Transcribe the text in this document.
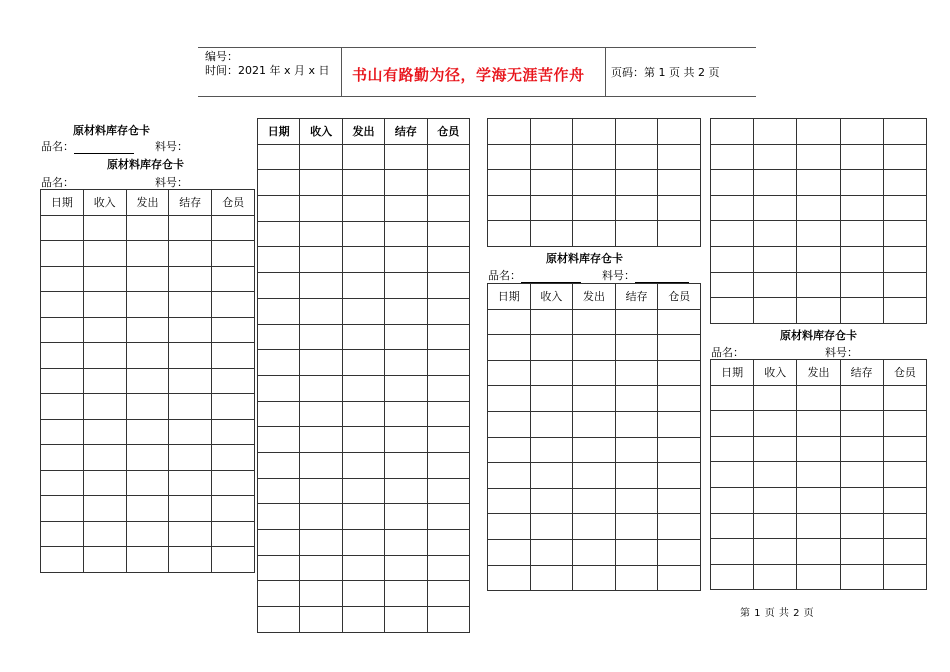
编号：
时间：2021 年 x 月 x 日 书山有路勤为径，学海无涯苦作舟 页码：第 1 页 共 2 页
原材料库存仓卡
品名：	料号：
原材料库存仓卡
品名：	料号：
日期	收入	发出	结存	仓员

日期	收入	发出	结存	仓员

原材料库存仓卡
品名：	料号：
日期	收入	发出	结存	仓员

原材料库存仓卡
品名：	料号：
日期	收入	发出	结存	仓员

第 1 页 共 2 页
